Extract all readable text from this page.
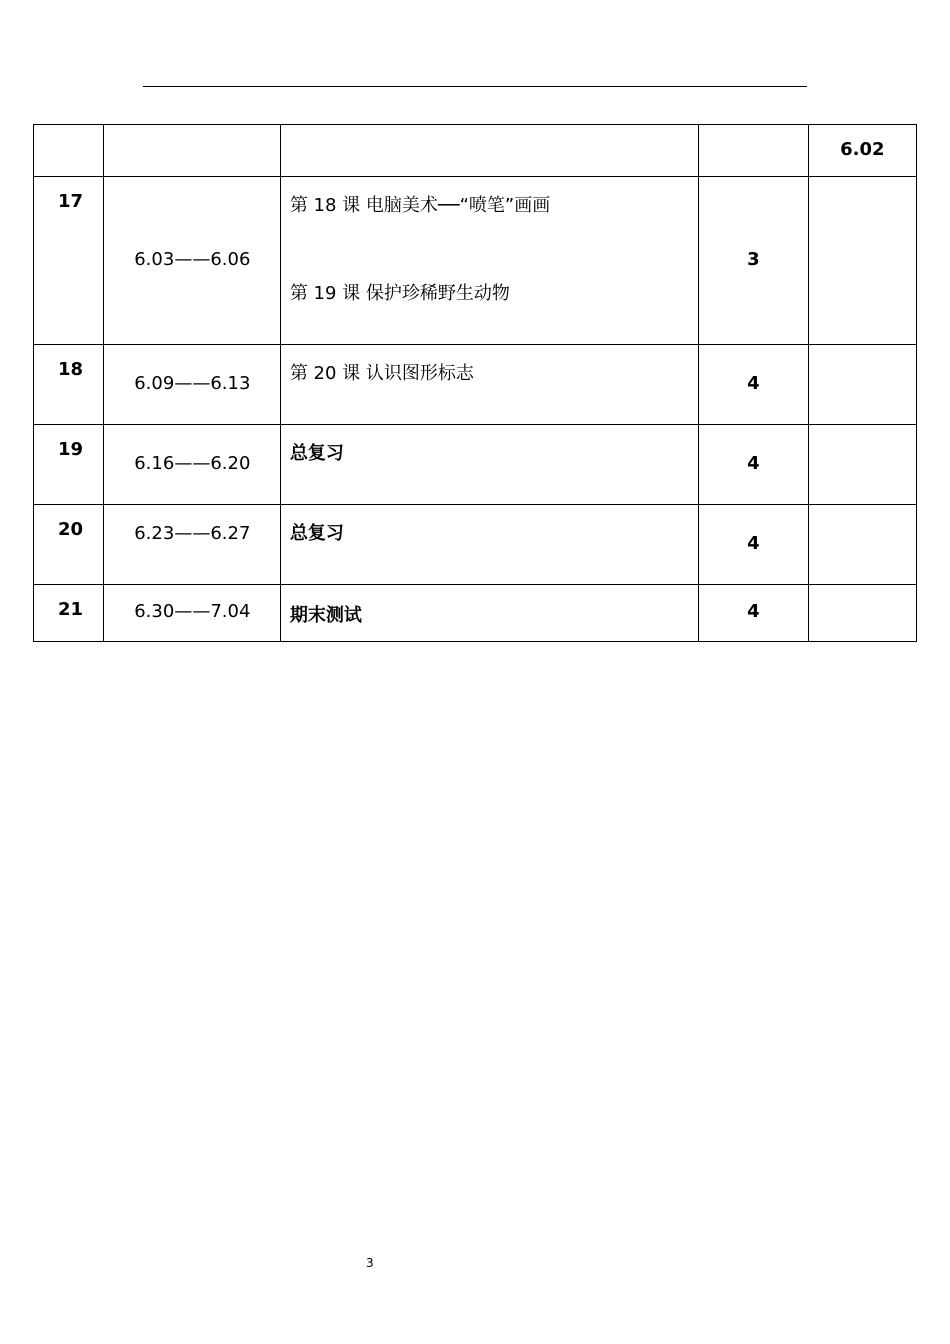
				6.02

17	6.03——6.06	第 18 课 电脑美术──“喷笔”画画
第 19 课 保护珍稀野生动物	3	

18	6.09——6.13	第 20 课 认识图形标志	4	

19	6.16——6.20	总复习	4	

20	6.23——6.27	总复习	4	

21	6.30——7.04	期末测试	4	

3
